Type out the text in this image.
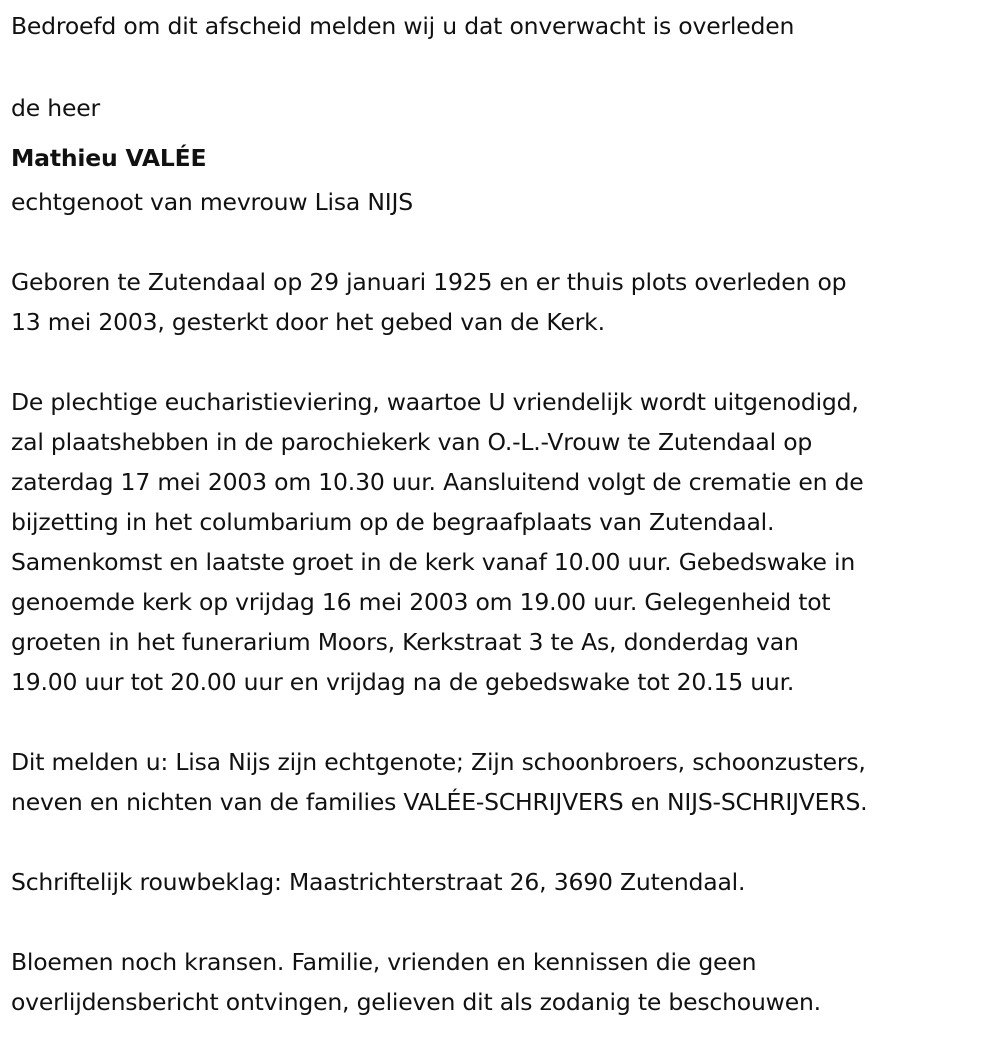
Bedroefd om dit afscheid melden wij u dat onverwacht is overleden
de heer
Mathieu VALÉE
echtgenoot van mevrouw Lisa NIJS
Geboren te Zutendaal op 29 januari 1925 en er thuis plots overleden op
13 mei 2003, gesterkt door het gebed van de Kerk.
De plechtige eucharistieviering, waartoe U vriendelijk wordt uitgenodigd,
zal plaatshebben in de parochiekerk van O.-L.-Vrouw te Zutendaal op
zaterdag 17 mei 2003 om 10.30 uur. Aansluitend volgt de crematie en de
bijzetting in het columbarium op de begraafplaats van Zutendaal.
Samenkomst en laatste groet in de kerk vanaf 10.00 uur. Gebedswake in
genoemde kerk op vrijdag 16 mei 2003 om 19.00 uur. Gelegenheid tot
groeten in het funerarium Moors, Kerkstraat 3 te As, donderdag van
19.00 uur tot 20.00 uur en vrijdag na de gebedswake tot 20.15 uur.
Dit melden u: Lisa Nijs zijn echtgenote; Zijn schoonbroers, schoonzusters,
neven en nichten van de families VALÉE-SCHRIJVERS en NIJS-SCHRIJVERS.
Schriftelijk rouwbeklag: Maastrichterstraat 26, 3690 Zutendaal.
Bloemen noch kransen. Familie, vrienden en kennissen die geen
overlijdensbericht ontvingen, gelieven dit als zodanig te beschouwen.
